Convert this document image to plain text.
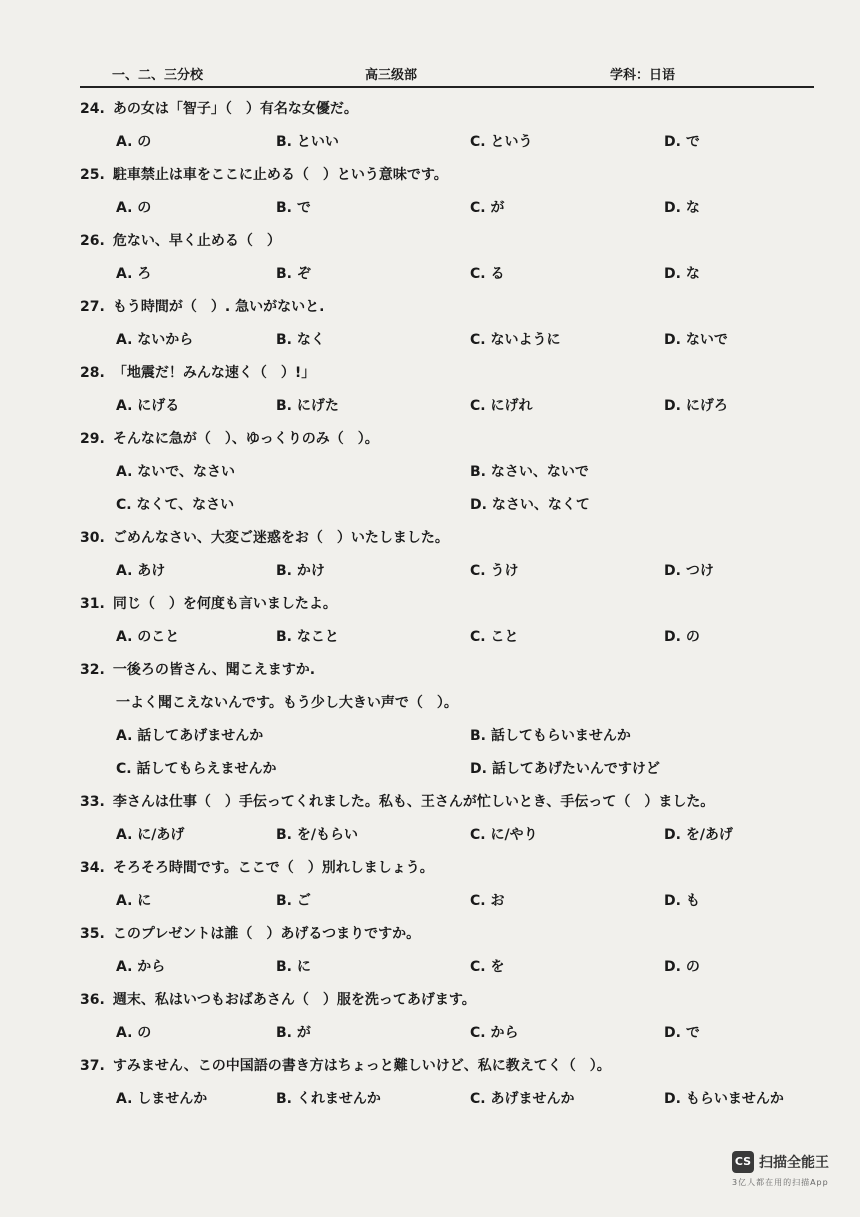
一、二、三分校	高三级部	学科：日语
24. あの女は「智子」（　）有名な女優だ。
A. の	B. といい	C. という	D. で
25. 駐車禁止は車をここに止める（　）という意味です。
A. の	B. で	C. が	D. な
26. 危ない、早く止める（　）
A. ろ	B. ぞ	C. る	D. な
27. もう時間が（　）. 急いがないと.
A. ないから	B. なく	C. ないように	D. ないで
28. 「地震だ！みんな速く（　）!」
A. にげる	B. にげた	C. にげれ	D. にげろ
29. そんなに急が（　）、ゆっくりのみ（　）。
A. ないで、なさい	B. なさい、ないで
C. なくて、なさい	D. なさい、なくて
30. ごめんなさい、大変ご迷惑をお（　）いたしました。
A. あけ	B. かけ	C. うけ	D. つけ
31. 同じ（　）を何度も言いましたよ。
A. のこと	B. なこと	C. こと	D. の
32. 一後ろの皆さん、聞こえますか.
一よく聞こえないんです。もう少し大きい声で（　）。
A. 話してあげませんか	B. 話してもらいませんか
C. 話してもらえませんか	D. 話してあげたいんですけど
33. 李さんは仕事（　）手伝ってくれました。私も、王さんが忙しいとき、手伝って（　）ました。
A. に/あげ	B. を/もらい	C. に/やり	D. を/あげ
34. そろそろ時間です。ここで（　）別れしましょう。
A. に	B. ご	C. お	D. も
35. このプレゼントは誰（　）あげるつまりですか。
A. から	B. に	C. を	D. の
36. 週末、私はいつもおばあさん（　）服を洗ってあげます。
A. の	B. が	C. から	D. で
37. すみません、この中国語の書き方はちょっと難しいけど、私に教えてく（　）。
A. しませんか	B. くれませんか	C. あげませんか	D. もらいませんか
CS 扫描全能王
3亿人都在用的扫描App
